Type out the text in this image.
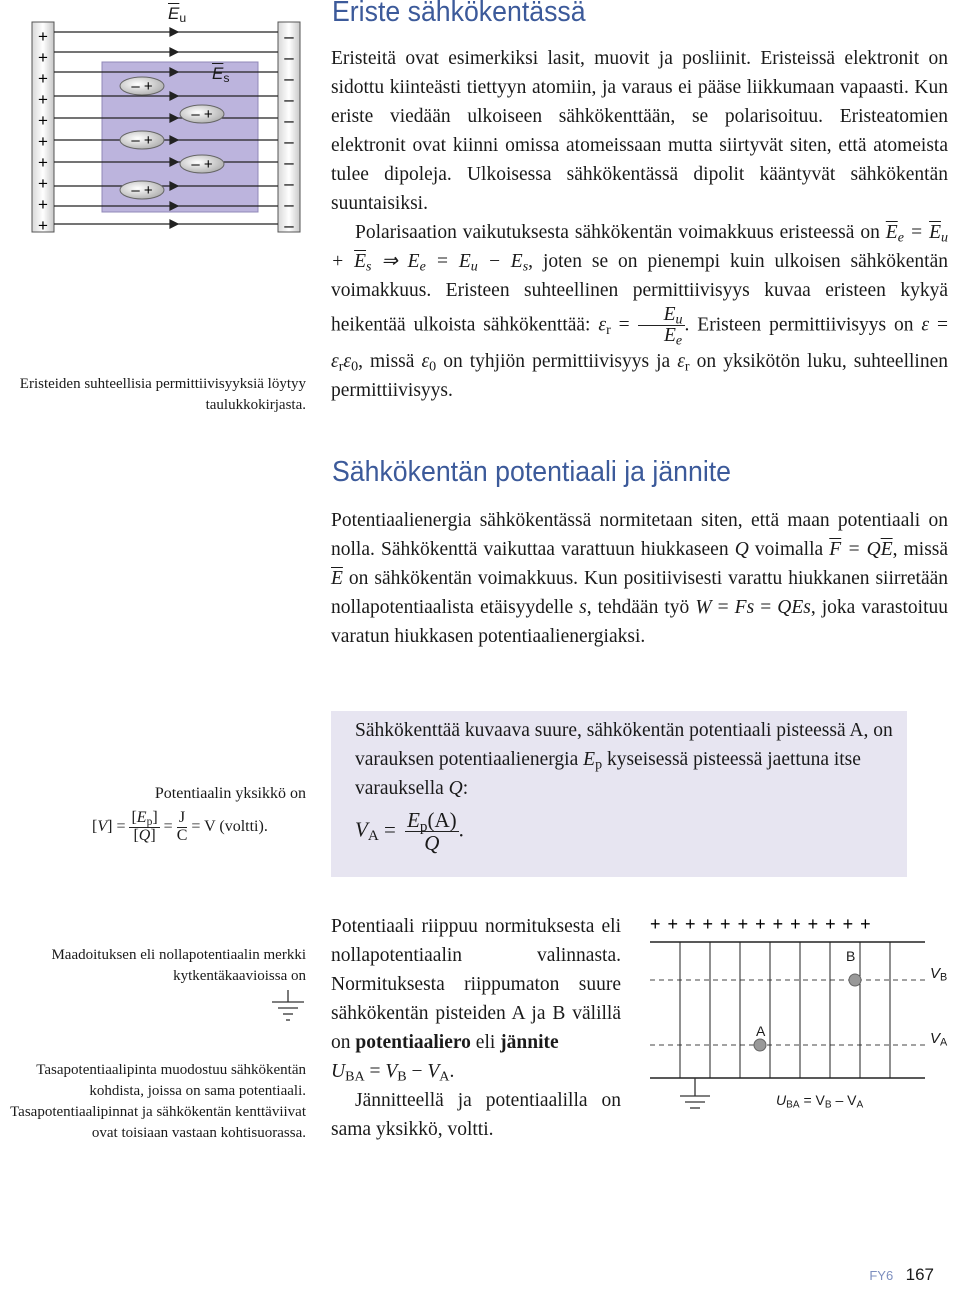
+	–
+	–
+	–
+	–
+	–
+	–
+	–
+	–
+	–
+	–
– +
– +
– +
– +
– +
$\overline{E}_u$
$\overline{E}_s$
Eriste sähkökentässä

Eristeitä ovat esimerkiksi lasit, muovit ja posliinit. Eristeissä elektronit on sidottu kiinteästi tiettyyn atomiin, ja varaus ei pääse liikkumaan vapaasti. Kun eriste viedään ulkoiseen sähkökenttään, se polarisoituu. Eristeatomien elektronit ovat kiinni omissa atomeissaan mutta siirtyvät siten, että atomeista tulee dipoleja. Ulkoisessa sähkökentässä dipolit kääntyvät sähkökentän suuntaisiksi.

Polarisaation vaikutuksesta sähkökentän voimakkuus eristeessä on $\overline{E}_e = \overline{E}_u + \overline{E}_s$ ⇒ $E_e = E_u - E_s$, joten se on pienempi kuin ulkoisen sähkökentän voimakkuus. Eristeen suhteellinen permittiivisyys kuvaa eristeen kykyä heikentää ulkoista sähkökenttää: $\varepsilon_r = \frac{E_u}{E_e}$ . Eristeen permittiivisyys on $\varepsilon = \varepsilon_r\varepsilon_0$, missä $\varepsilon_0$ on tyhjiön permittiivisyys ja $\varepsilon_r$ on yksikötön luku, suhteellinen permittiivisyys.

Eristeiden suhteellisia permittiivisyyksiä löytyy taulukkokirjasta.
Sähkökentän potentiaali ja jännite

Potentiaalienergia sähkökentässä normitetaan siten, että maan potentiaali on nolla. Sähkökenttä vaikuttaa varattuun hiukkaseen Q voimalla $\overline{F} = Q\overline{E}$, missä $\overline{E}$ on sähkökentän voimakkuus. Kun positiivisesti varattu hiukkanen siirretään nollapotentiaalista etäisyydelle s, tehdään työ W = Fs = QEs, joka varastoituu varatun hiukkasen potentiaalienergiaksi.

Sähkökenttää kuvaava suure, sähkökentän potentiaali pisteessä A, on varauksen potentiaalienergia $E_p$ kyseisessä pisteessä jaettuna itse varauksella Q:
$V_A = \frac{E_p(A)}{Q}$ .
Potentiaalin yksikkö on
$[V] = \frac{[E_p]}{[Q]} = \frac{J}{C} = V$ (voltti).
Maadoituksen eli nollapotentiaalin merkki kytkentäkaavioissa on
Tasapotentiaalipinta muodostuu sähkökentän kohdista, joissa on sama potentiaali. Tasapotentiaalipinnat ja sähkökentän kenttäviivat ovat toisiaan vastaan kohtisuorassa.

Potentiaali riippuu normituksesta eli nollapotentiaalin valinnasta. Normituksesta riippumaton suure sähkökentän pisteiden A ja B välillä on potentiaaliero eli jännite

$U_{BA} = V_B - V_A$.

Jännitteellä ja potentiaalilla on sama yksikkö, voltti.

+ + + + + + + + + + + + +
B
A
$V_B$
$V_A$
$U_{BA} = V_B - V_A$
FY6 167
